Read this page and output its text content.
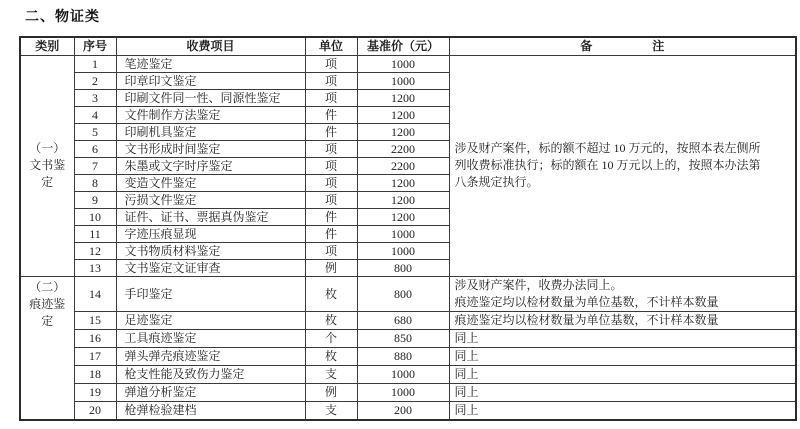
二、物证类
类别	序号	收费项目	单位	基准价（元）	备　　　　　注
（一）
文书鉴
定	1	笔迹鉴定	项	1000	涉及财产案件，标的额不超过 10 万元的，按照本表左侧所
列收费标准执行；标的额在 10 万元以上的，按照本办法第
八条规定执行。
	2	印章印文鉴定	项	1000	
	3	印刷文件同一性、同源性鉴定	项	1200	
	4	文件制作方法鉴定	件	1200	
	5	印刷机具鉴定	件	1200	
	6	文书形成时间鉴定	项	2200	
	7	朱墨或文字时序鉴定	项	2200	
	8	变造文件鉴定	项	1200	
	9	污损文件鉴定	项	1200	
	10	证件、证书、票据真伪鉴定	件	1200	
	11	字迹压痕显现	件	1000	
	12	文书物质材料鉴定	项	1000	
	13	文书鉴定文证审查	例	800	
（二）
痕迹鉴
定	14	手印鉴定	枚	800	涉及财产案件，收费办法同上。
痕迹鉴定均以检材数量为单位基数，不计样本数量
	15	足迹鉴定	枚	680	痕迹鉴定均以检材数量为单位基数，不计样本数量
	16	工具痕迹鉴定	个	850	同上
	17	弹头弹壳痕迹鉴定	枚	880	同上
	18	枪支性能及致伤力鉴定	支	1000	同上
	19	弹道分析鉴定	例	1000	同上
	20	枪弹检验建档	支	200	同上
